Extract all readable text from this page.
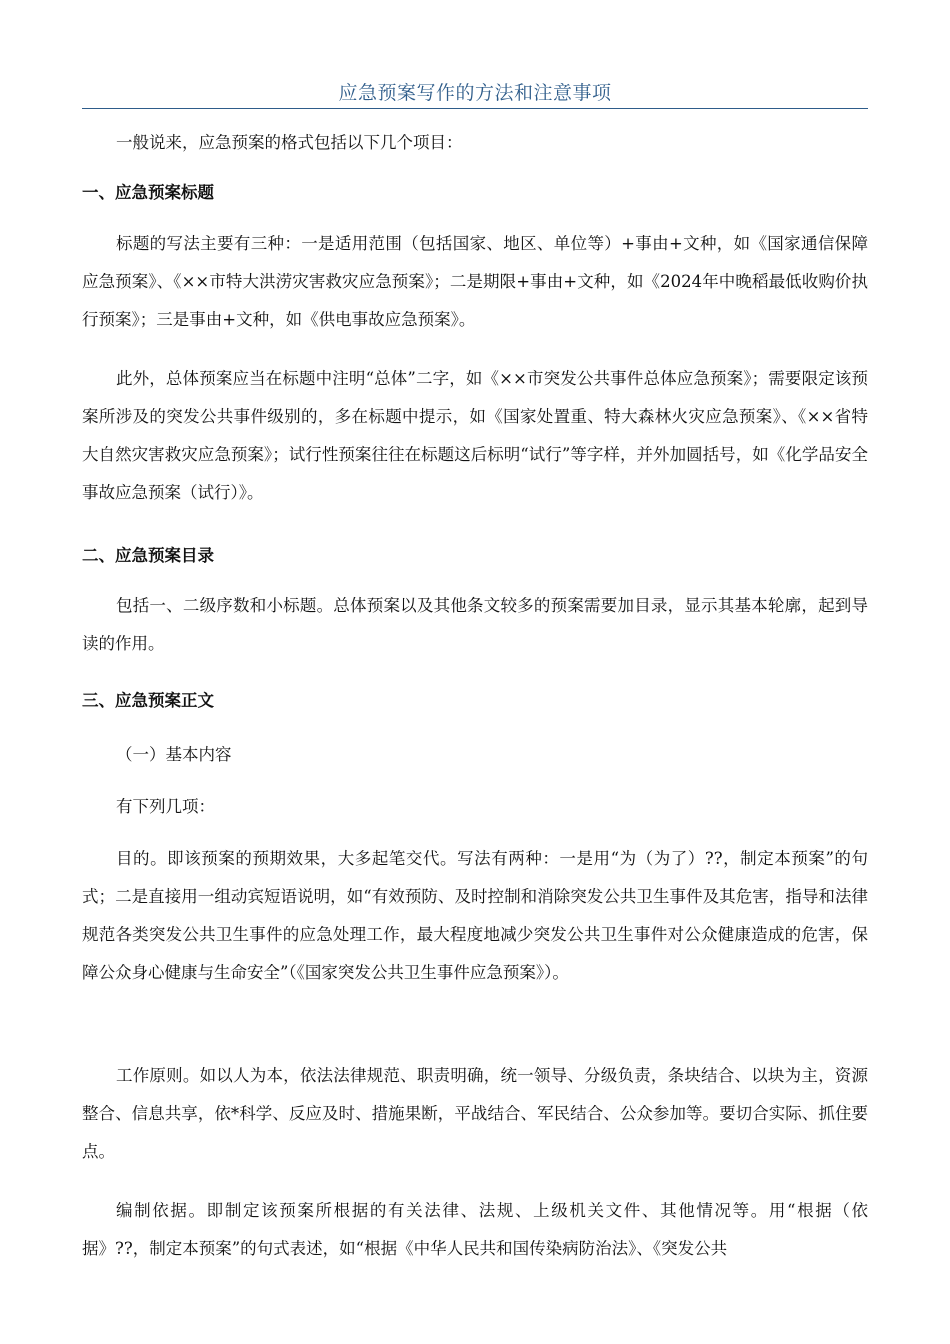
应急预案写作的方法和注意事项

一般说来，应急预案的格式包括以下几个项目：

一、应急预案标题

标题的写法主要有三种：一是适用范围（包括国家、地区、单位等）+事由+文种，如《国家通信保障应急预案》、《××市特大洪涝灾害救灾应急预案》；二是期限+事由+文种，如《2024年中晚稻最低收购价执行预案》；三是事由+文种，如《供电事故应急预案》。

此外，总体预案应当在标题中注明“总体”二字，如《××市突发公共事件总体应急预案》；需要限定该预案所涉及的突发公共事件级别的，多在标题中提示，如《国家处置重、特大森林火灾应急预案》、《××省特大自然灾害救灾应急预案》；试行性预案往往在标题这后标明“试行”等字样，并外加圆括号，如《化学品安全事故应急预案（试行）》。

二、应急预案目录

包括一、二级序数和小标题。总体预案以及其他条文较多的预案需要加目录，显示其基本轮廓，起到导读的作用。

三、应急预案正文

（一）基本内容

有下列几项：

目的。即该预案的预期效果，大多起笔交代。写法有两种：一是用“为（为了）??，制定本预案”的句式；二是直接用一组动宾短语说明，如“有效预防、及时控制和消除突发公共卫生事件及其危害，指导和法律规范各类突发公共卫生事件的应急处理工作，最大程度地减少突发公共卫生事件对公众健康造成的危害，保障公众身心健康与生命安全”（《国家突发公共卫生事件应急预案》）。

工作原则。如以人为本，依法法律规范、职责明确，统一领导、分级负责，条块结合、以块为主，资源整合、信息共享，依*科学、反应及时、措施果断，平战结合、军民结合、公众参加等。要切合实际、抓住要点。

编制依据。即制定该预案所根据的有关法律、法规、上级机关文件、其他情况等。用“根据（依据》??，制定本预案”的句式表述，如“根据《中华人民共和国传染病防治法》、《突发公共
